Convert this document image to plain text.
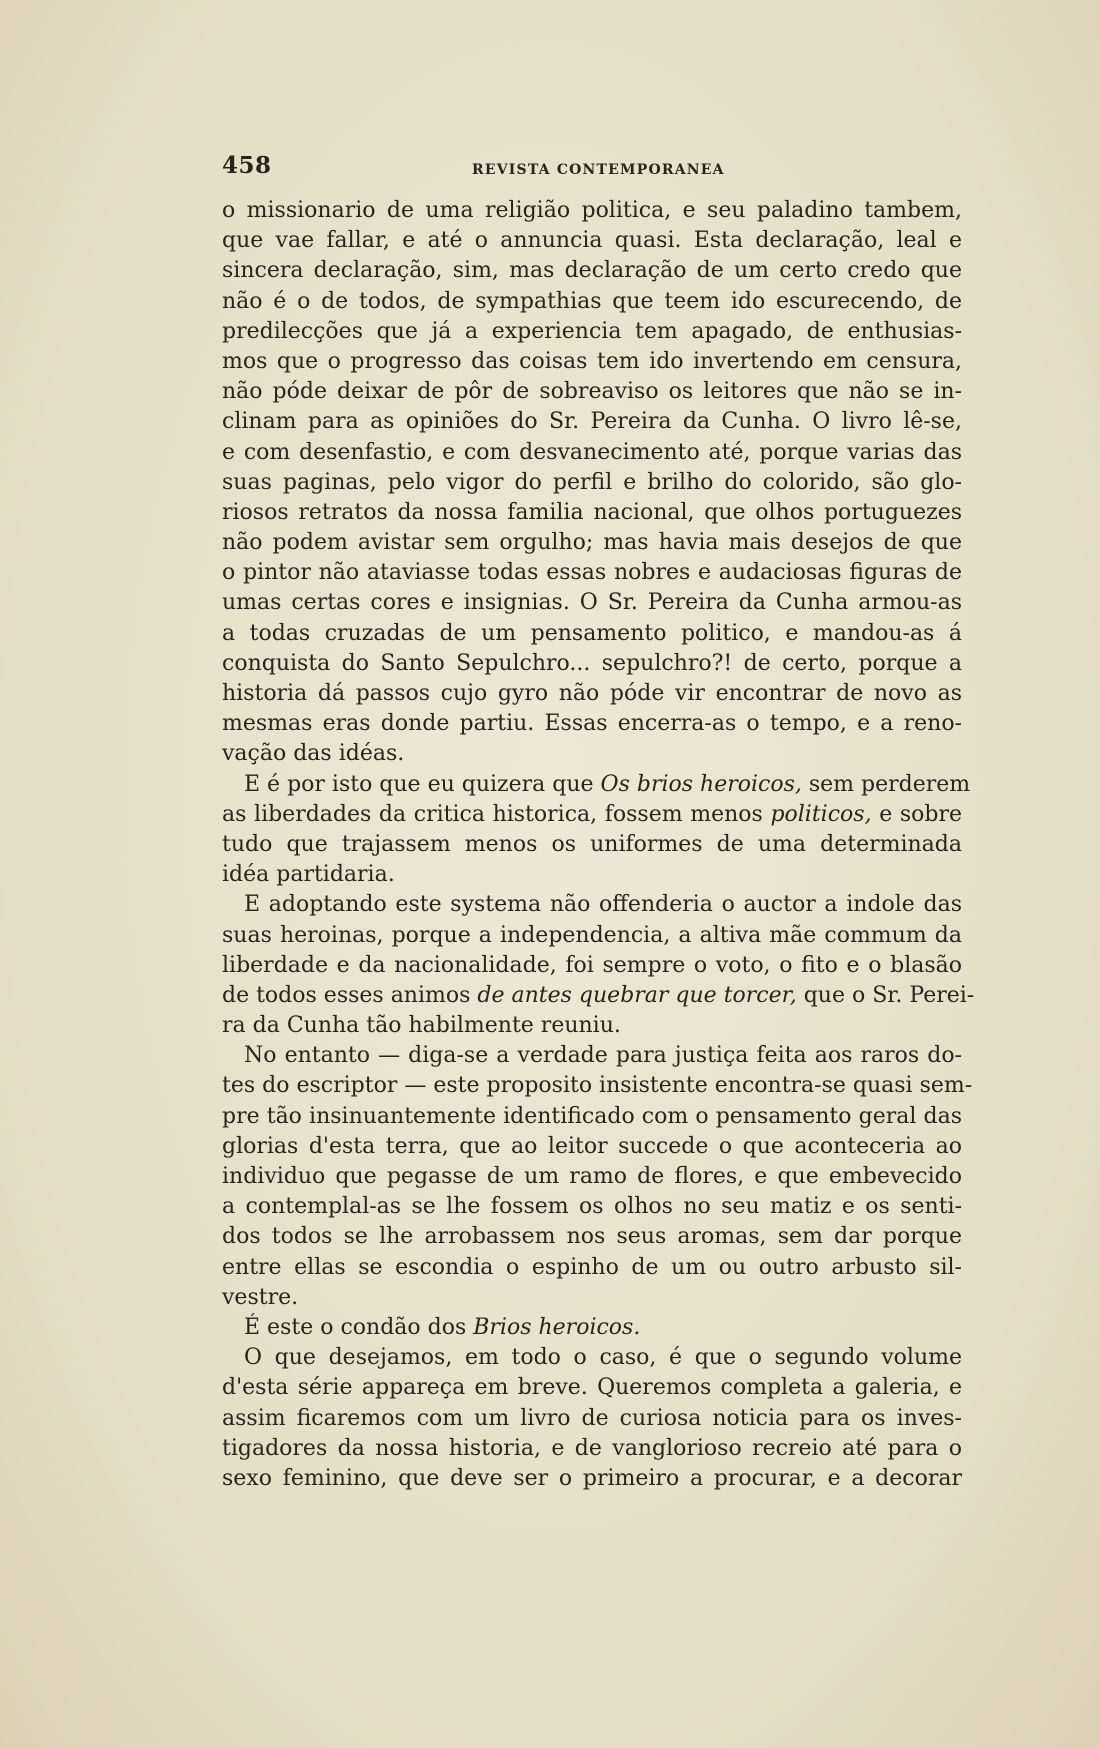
458	REVISTA CONTEMPORANEA
o missionario de uma religião politica, e seu paladino tambem,
que vae fallar, e até o annuncia quasi. Esta declaração, leal e
sincera declaração, sim, mas declaração de um certo credo que
não é o de todos, de sympathias que teem ido escurecendo, de
predilecções que já a experiencia tem apagado, de enthusias-
mos que o progresso das coisas tem ido invertendo em censura,
não póde deixar de pôr de sobreaviso os leitores que não se in-
clinam para as opiniões do Sr. Pereira da Cunha. O livro lê-se,
e com desenfastio, e com desvanecimento até, porque varias das
suas paginas, pelo vigor do perfil e brilho do colorido, são glo-
riosos retratos da nossa familia nacional, que olhos portuguezes
não podem avistar sem orgulho; mas havia mais desejos de que
o pintor não ataviasse todas essas nobres e audaciosas figuras de
umas certas cores e insignias. O Sr. Pereira da Cunha armou-as
a todas cruzadas de um pensamento politico, e mandou-as á
conquista do Santo Sepulchro... sepulchro?! de certo, porque a
historia dá passos cujo gyro não póde vir encontrar de novo as
mesmas eras donde partiu. Essas encerra-as o tempo, e a reno-
vação das idéas.
E é por isto que eu quizera que Os brios heroicos, sem perderem
as liberdades da critica historica, fossem menos politicos, e sobre
tudo que trajassem menos os uniformes de uma determinada
idéa partidaria.
E adoptando este systema não offenderia o auctor a indole das
suas heroinas, porque a independencia, a altiva mãe commum da
liberdade e da nacionalidade, foi sempre o voto, o fito e o blasão
de todos esses animos de antes quebrar que torcer, que o Sr. Perei-
ra da Cunha tão habilmente reuniu.
No entanto — diga-se a verdade para justiça feita aos raros do-
tes do escriptor — este proposito insistente encontra-se quasi sem-
pre tão insinuantemente identificado com o pensamento geral das
glorias d'esta terra, que ao leitor succede o que aconteceria ao
individuo que pegasse de um ramo de flores, e que embevecido
a contemplal-as se lhe fossem os olhos no seu matiz e os senti-
dos todos se lhe arrobassem nos seus aromas, sem dar porque
entre ellas se escondia o espinho de um ou outro arbusto sil-
vestre.
É este o condão dos Brios heroicos.
O que desejamos, em todo o caso, é que o segundo volume
d'esta série appareça em breve. Queremos completa a galeria, e
assim ficaremos com um livro de curiosa noticia para os inves-
tigadores da nossa historia, e de vanglorioso recreio até para o
sexo feminino, que deve ser o primeiro a procurar, e a decorar
